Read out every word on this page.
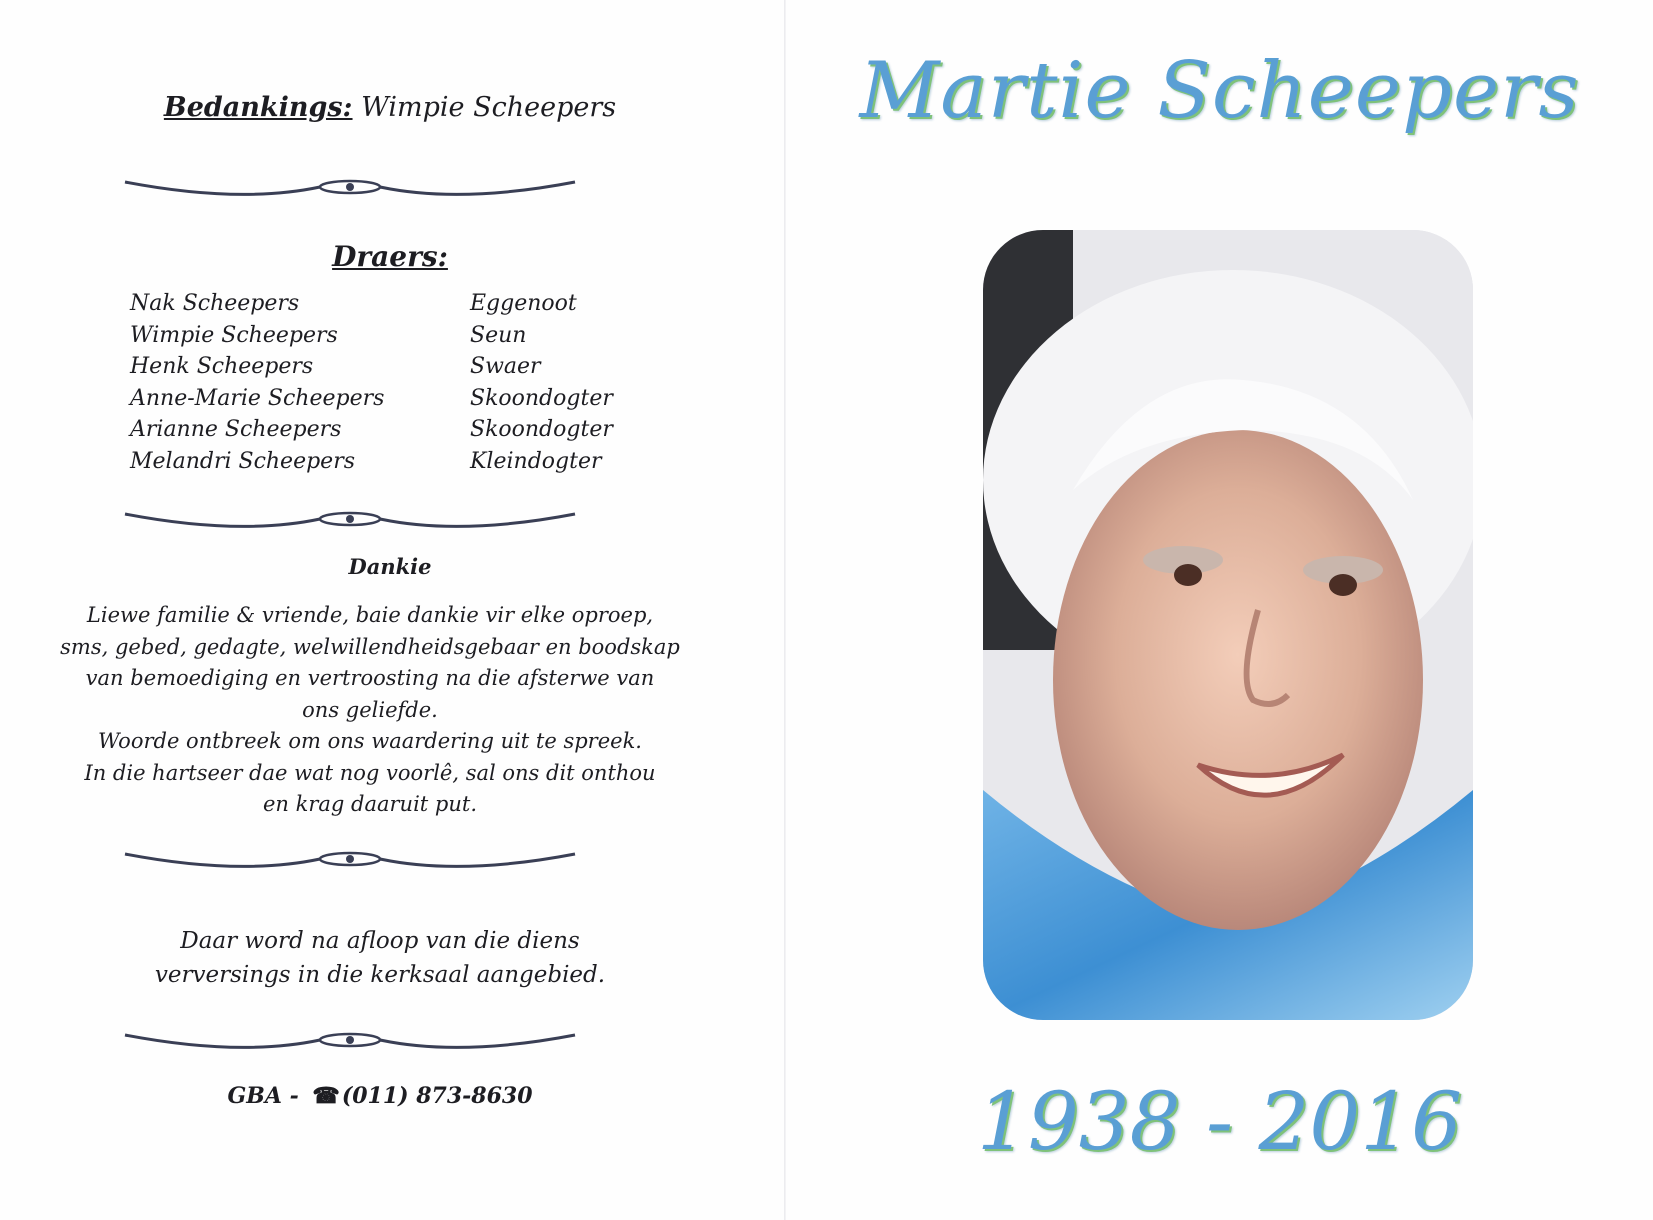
Bedankings: Wimpie Scheepers
Draers:
Nak Scheepers	Eggenoot
Wimpie Scheepers	Seun
Henk Scheepers	Swaer
Anne-Marie Scheepers	Skoondogter
Arianne Scheepers	Skoondogter
Melandri Scheepers	Kleindogter
Dankie
Liewe familie & vriende, baie dankie vir elke oproep,
sms, gebed, gedagte, welwillendheidsgebaar en boodskap
van bemoediging en vertroosting na die afsterwe van
ons geliefde.
Woorde ontbreek om ons waardering uit te spreek.
In die hartseer dae wat nog voorlê, sal ons dit onthou
en krag daaruit put.
Daar word na afloop van die diens
verversings in die kerksaal aangebied.
GBA - ☎(011) 873-8630
Martie Scheepers
1938 - 2016
